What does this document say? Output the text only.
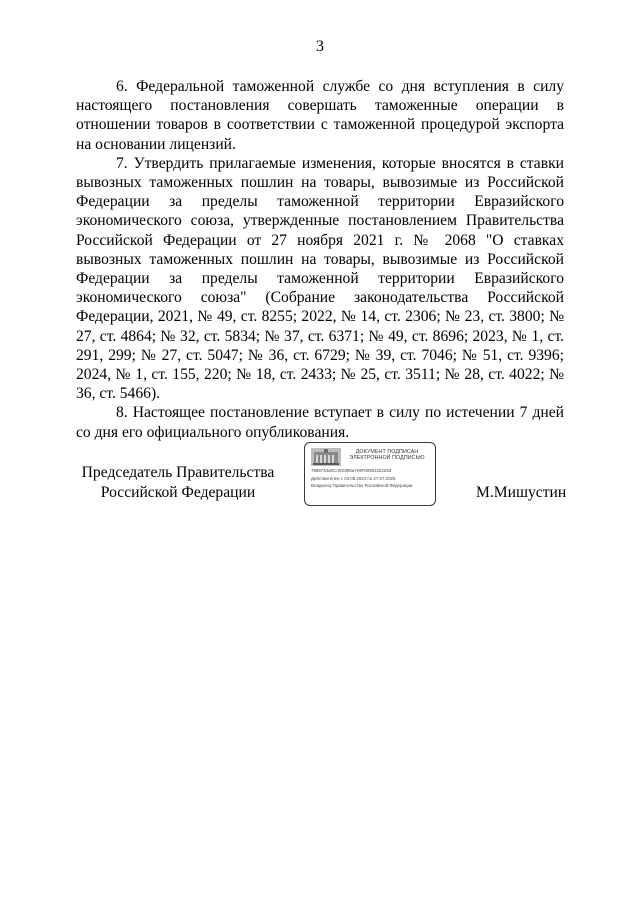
3

6. Федеральной таможенной службе со дня вступления в силу настоящего постановления совершать таможенные операции в отношении товаров в соответствии с таможенной процедурой экспорта на основании лицензий.

7. Утвердить прилагаемые изменения, которые вносятся в ставки вывозных таможенных пошлин на товары, вывозимые из Российской Федерации за пределы таможенной территории Евразийского экономического союза, утвержденные постановлением Правительства Российской Федерации от 27 ноября 2021 г. № 2068 "О ставках вывозных таможенных пошлин на товары, вывозимые из Российской Федерации за пределы таможенной территории Евразийского экономического союза" (Собрание законодательства Российской Федерации, 2021, № 49, ст. 8255; 2022, № 14, ст. 2306; № 23, ст. 3800; № 27, ст. 4864; № 32, ст. 5834; № 37, ст. 6371; № 49, ст. 8696; 2023, № 1, ст. 291, 299; № 27, ст. 5047; № 36, ст. 6729; № 39, ст. 7046; № 51, ст. 9396; 2024, № 1, ст. 155, 220; № 18, ст. 2433; № 25, ст. 3511; № 28, ст. 4022; № 36, ст. 5466).

8. Настоящее постановление вступает в силу по истечении 7 дней со дня его официального опубликования.

Председатель Правительства
Российской Федерации
ДОКУМЕНТ ПОДПИСАН
ЭЛЕКТРОННОЙ ПОДПИСЬЮ
7885744a0CAE0396a7e9F0098125225d
Действителен с 03.05.2024 по 27.07.2025
Владелец Правительство Российской Федерации	М.Мишустин
